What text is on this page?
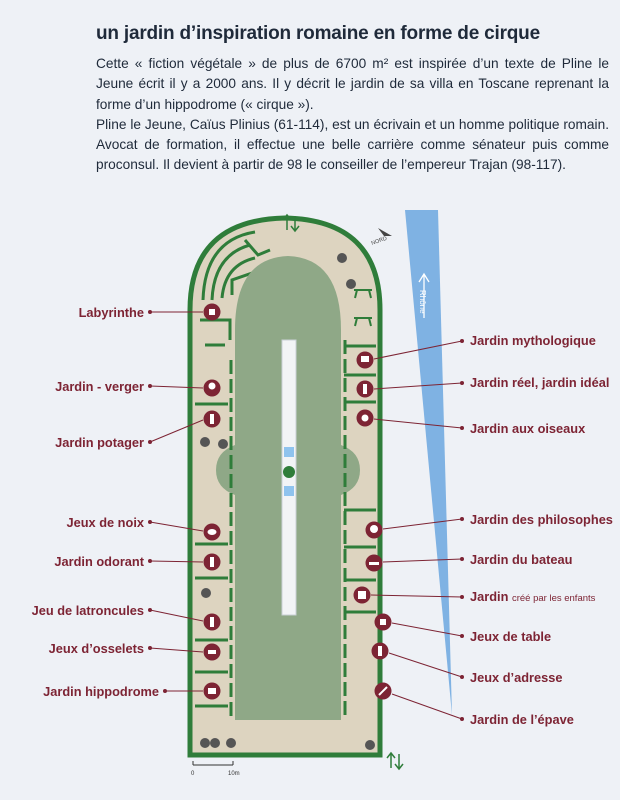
un jardin d’inspiration romaine en forme de cirque

Cette « fiction végétale » de plus de 6700 m² est inspirée d’un texte de Pline le Jeune écrit il y a 2000 ans. Il y décrit le jardin de sa villa en Toscane reprenant la forme d’un hippodrome (« cirque »).

Pline le Jeune, Caïus Plinius (61-114), est un écrivain et un homme politique romain. Avocat de formation, il effectue une belle carrière comme sénateur puis comme proconsul. Il devient à partir de 98 le conseiller de l’empereur Trajan (98-117).

NORD
Rhône
0	10m
Labyrinthe
Jardin - verger
Jardin potager
Jeux de noix
Jardin odorant
Jeu de latroncules
Jeux d’osselets
Jardin hippodrome
Jardin mythologique
Jardin réel, jardin idéal
Jardin aux oiseaux
Jardin des philosophes
Jardin du bateau
Jardin créé par les enfants
Jeux de table
Jeux d’adresse
Jardin de l’épave
